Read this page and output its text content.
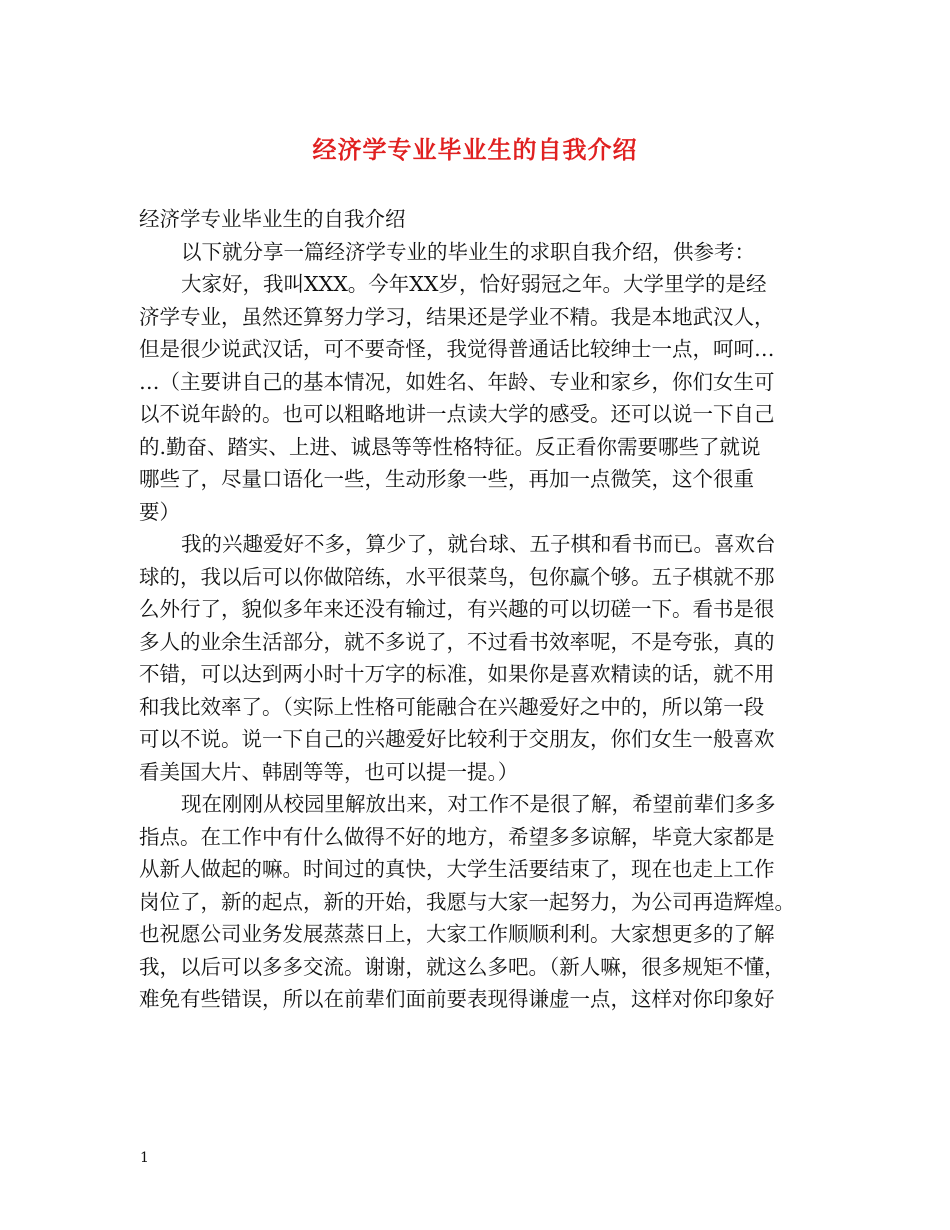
经济学专业毕业生的自我介绍
经济学专业毕业生的自我介绍
以下就分享一篇经济学专业的毕业生的求职自我介绍，供参考：
大家好，我叫XXX。今年XX岁，恰好弱冠之年。大学里学的是经
济学专业，虽然还算努力学习，结果还是学业不精。我是本地武汉人，
但是很少说武汉话，可不要奇怪，我觉得普通话比较绅士一点，呵呵…
…（主要讲自己的基本情况，如姓名、年龄、专业和家乡，你们女生可
以不说年龄的。也可以粗略地讲一点读大学的感受。还可以说一下自己
的.勤奋、踏实、上进、诚恳等等性格特征。反正看你需要哪些了就说
哪些了，尽量口语化一些，生动形象一些，再加一点微笑，这个很重
要）
我的兴趣爱好不多，算少了，就台球、五子棋和看书而已。喜欢台
球的，我以后可以你做陪练，水平很菜鸟，包你赢个够。五子棋就不那
么外行了，貌似多年来还没有输过，有兴趣的可以切磋一下。看书是很
多人的业余生活部分，就不多说了，不过看书效率呢，不是夸张，真的
不错，可以达到两小时十万字的标准，如果你是喜欢精读的话，就不用
和我比效率了。（实际上性格可能融合在兴趣爱好之中的，所以第一段
可以不说。说一下自己的兴趣爱好比较利于交朋友，你们女生一般喜欢
看美国大片、韩剧等等，也可以提一提。）
现在刚刚从校园里解放出来，对工作不是很了解，希望前辈们多多
指点。在工作中有什么做得不好的地方，希望多多谅解，毕竟大家都是
从新人做起的嘛。时间过的真快，大学生活要结束了，现在也走上工作
岗位了，新的起点，新的开始，我愿与大家一起努力，为公司再造辉煌。
也祝愿公司业务发展蒸蒸日上，大家工作顺顺利利。大家想更多的了解
我，以后可以多多交流。谢谢，就这么多吧。（新人嘛，很多规矩不懂，
难免有些错误，所以在前辈们面前要表现得谦虚一点，这样对你印象好
1
